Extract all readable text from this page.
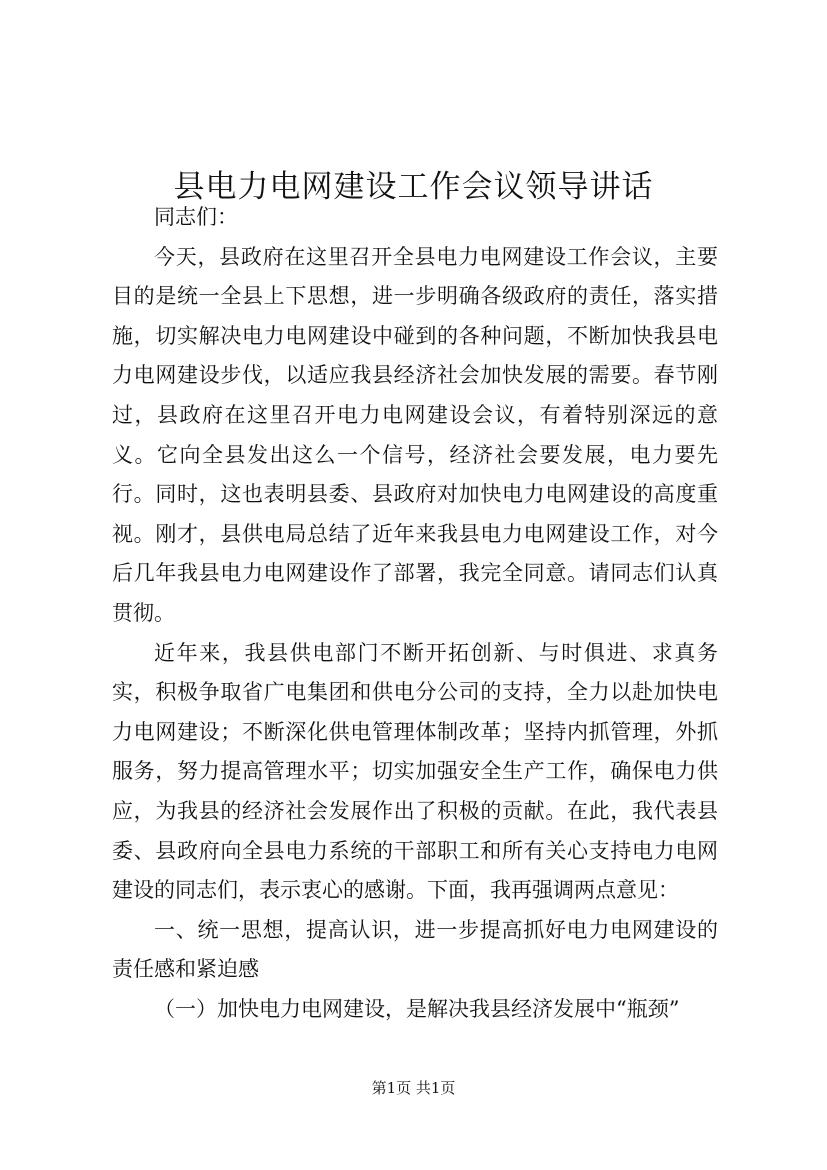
县电力电网建设工作会议领导讲话

同志们：

今天，县政府在这里召开全县电力电网建设工作会议，主要目的是统一全县上下思想，进一步明确各级政府的责任，落实措施，切实解决电力电网建设中碰到的各种问题，不断加快我县电力电网建设步伐，以适应我县经济社会加快发展的需要。春节刚过，县政府在这里召开电力电网建设会议，有着特别深远的意义。它向全县发出这么一个信号，经济社会要发展，电力要先行。同时，这也表明县委、县政府对加快电力电网建设的高度重视。刚才，县供电局总结了近年来我县电力电网建设工作，对今后几年我县电力电网建设作了部署，我完全同意。请同志们认真贯彻。

近年来，我县供电部门不断开拓创新、与时俱进、求真务实，积极争取省广电集团和供电分公司的支持，全力以赴加快电力电网建设；不断深化供电管理体制改革；坚持内抓管理，外抓服务，努力提高管理水平；切实加强安全生产工作，确保电力供应，为我县的经济社会发展作出了积极的贡献。在此，我代表县委、县政府向全县电力系统的干部职工和所有关心支持电力电网建设的同志们，表示衷心的感谢。下面，我再强调两点意见：

一、统一思想，提高认识，进一步提高抓好电力电网建设的责任感和紧迫感

（一）加快电力电网建设，是解决我县经济发展中“瓶颈”

第1页 共1页
